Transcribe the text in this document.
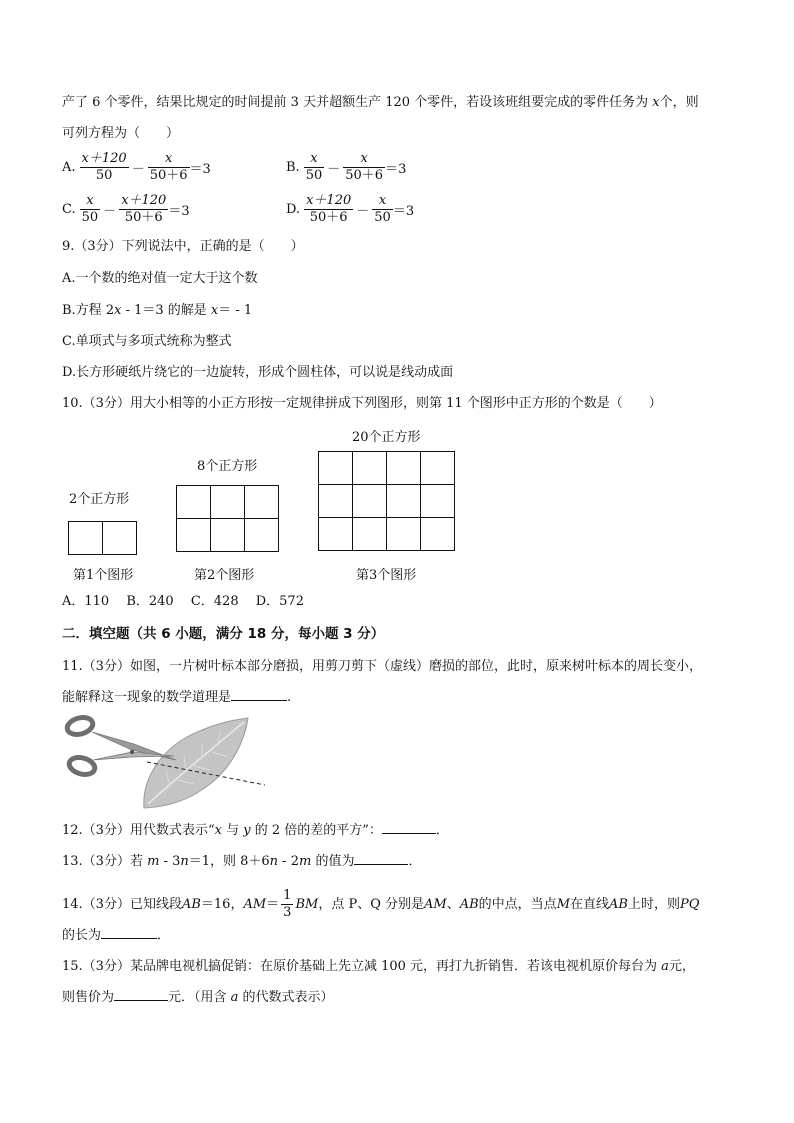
产了 6 个零件，结果比规定的时间提前 3 天并超额生产 120 个零件，若设该班组要完成的零件任务为 x个，则
可列方程为（　　）
A. $\frac{x+120}{50} - \frac{x}{50+6} =3$	B. $\frac{x}{50} - \frac{x}{50+6} =3$
C. $\frac{x}{50} - \frac{x+120}{50+6} =3$	D. $\frac{x+120}{50+6} - \frac{x}{50} =3$
9.（3分）下列说法中，正确的是（　　）
A.一个数的绝对值一定大于这个数
B.方程 2x - 1＝3 的解是 x＝ - 1
C.单项式与多项式统称为整式
D.长方形硬纸片绕它的一边旋转，形成个圆柱体，可以说是线动成面
10.（3分）用大小相等的小正方形按一定规律拼成下列图形，则第 11 个图形中正方形的个数是（　　）
2个正方形

第1个图形
8个正方形

第2个图形
20个正方形

第3个图形
A．110　 B．240　 C．428　 D．572
二．填空题（共 6 小题，满分 18 分，每小题 3 分）
11.（3分）如图，一片树叶标本部分磨损，用剪刀剪下（虚线）磨损的部位，此时，原来树叶标本的周长变小，
能解释这一现象的数学道理是	.
12.（3分）用代数式表示“x 与 y 的 2 倍的差的平方”：	．
13.（3分）若 m - 3n＝1，则 8＋6n - 2m 的值为	．
14.（3分）已知线段 AB ＝16， AM ＝ $\frac{1}{3}$ BM ，点 P、Q 分别是 AM 、 AB 的中点，当点 M 在直线 AB 上时，则 PQ
的长为	．
15.（3分）某品牌电视机搞促销：在原价基础上先立减 100 元，再打九折销售．若该电视机原价每台为 a元，
则售价为	元．（用含 a 的代数式表示）
